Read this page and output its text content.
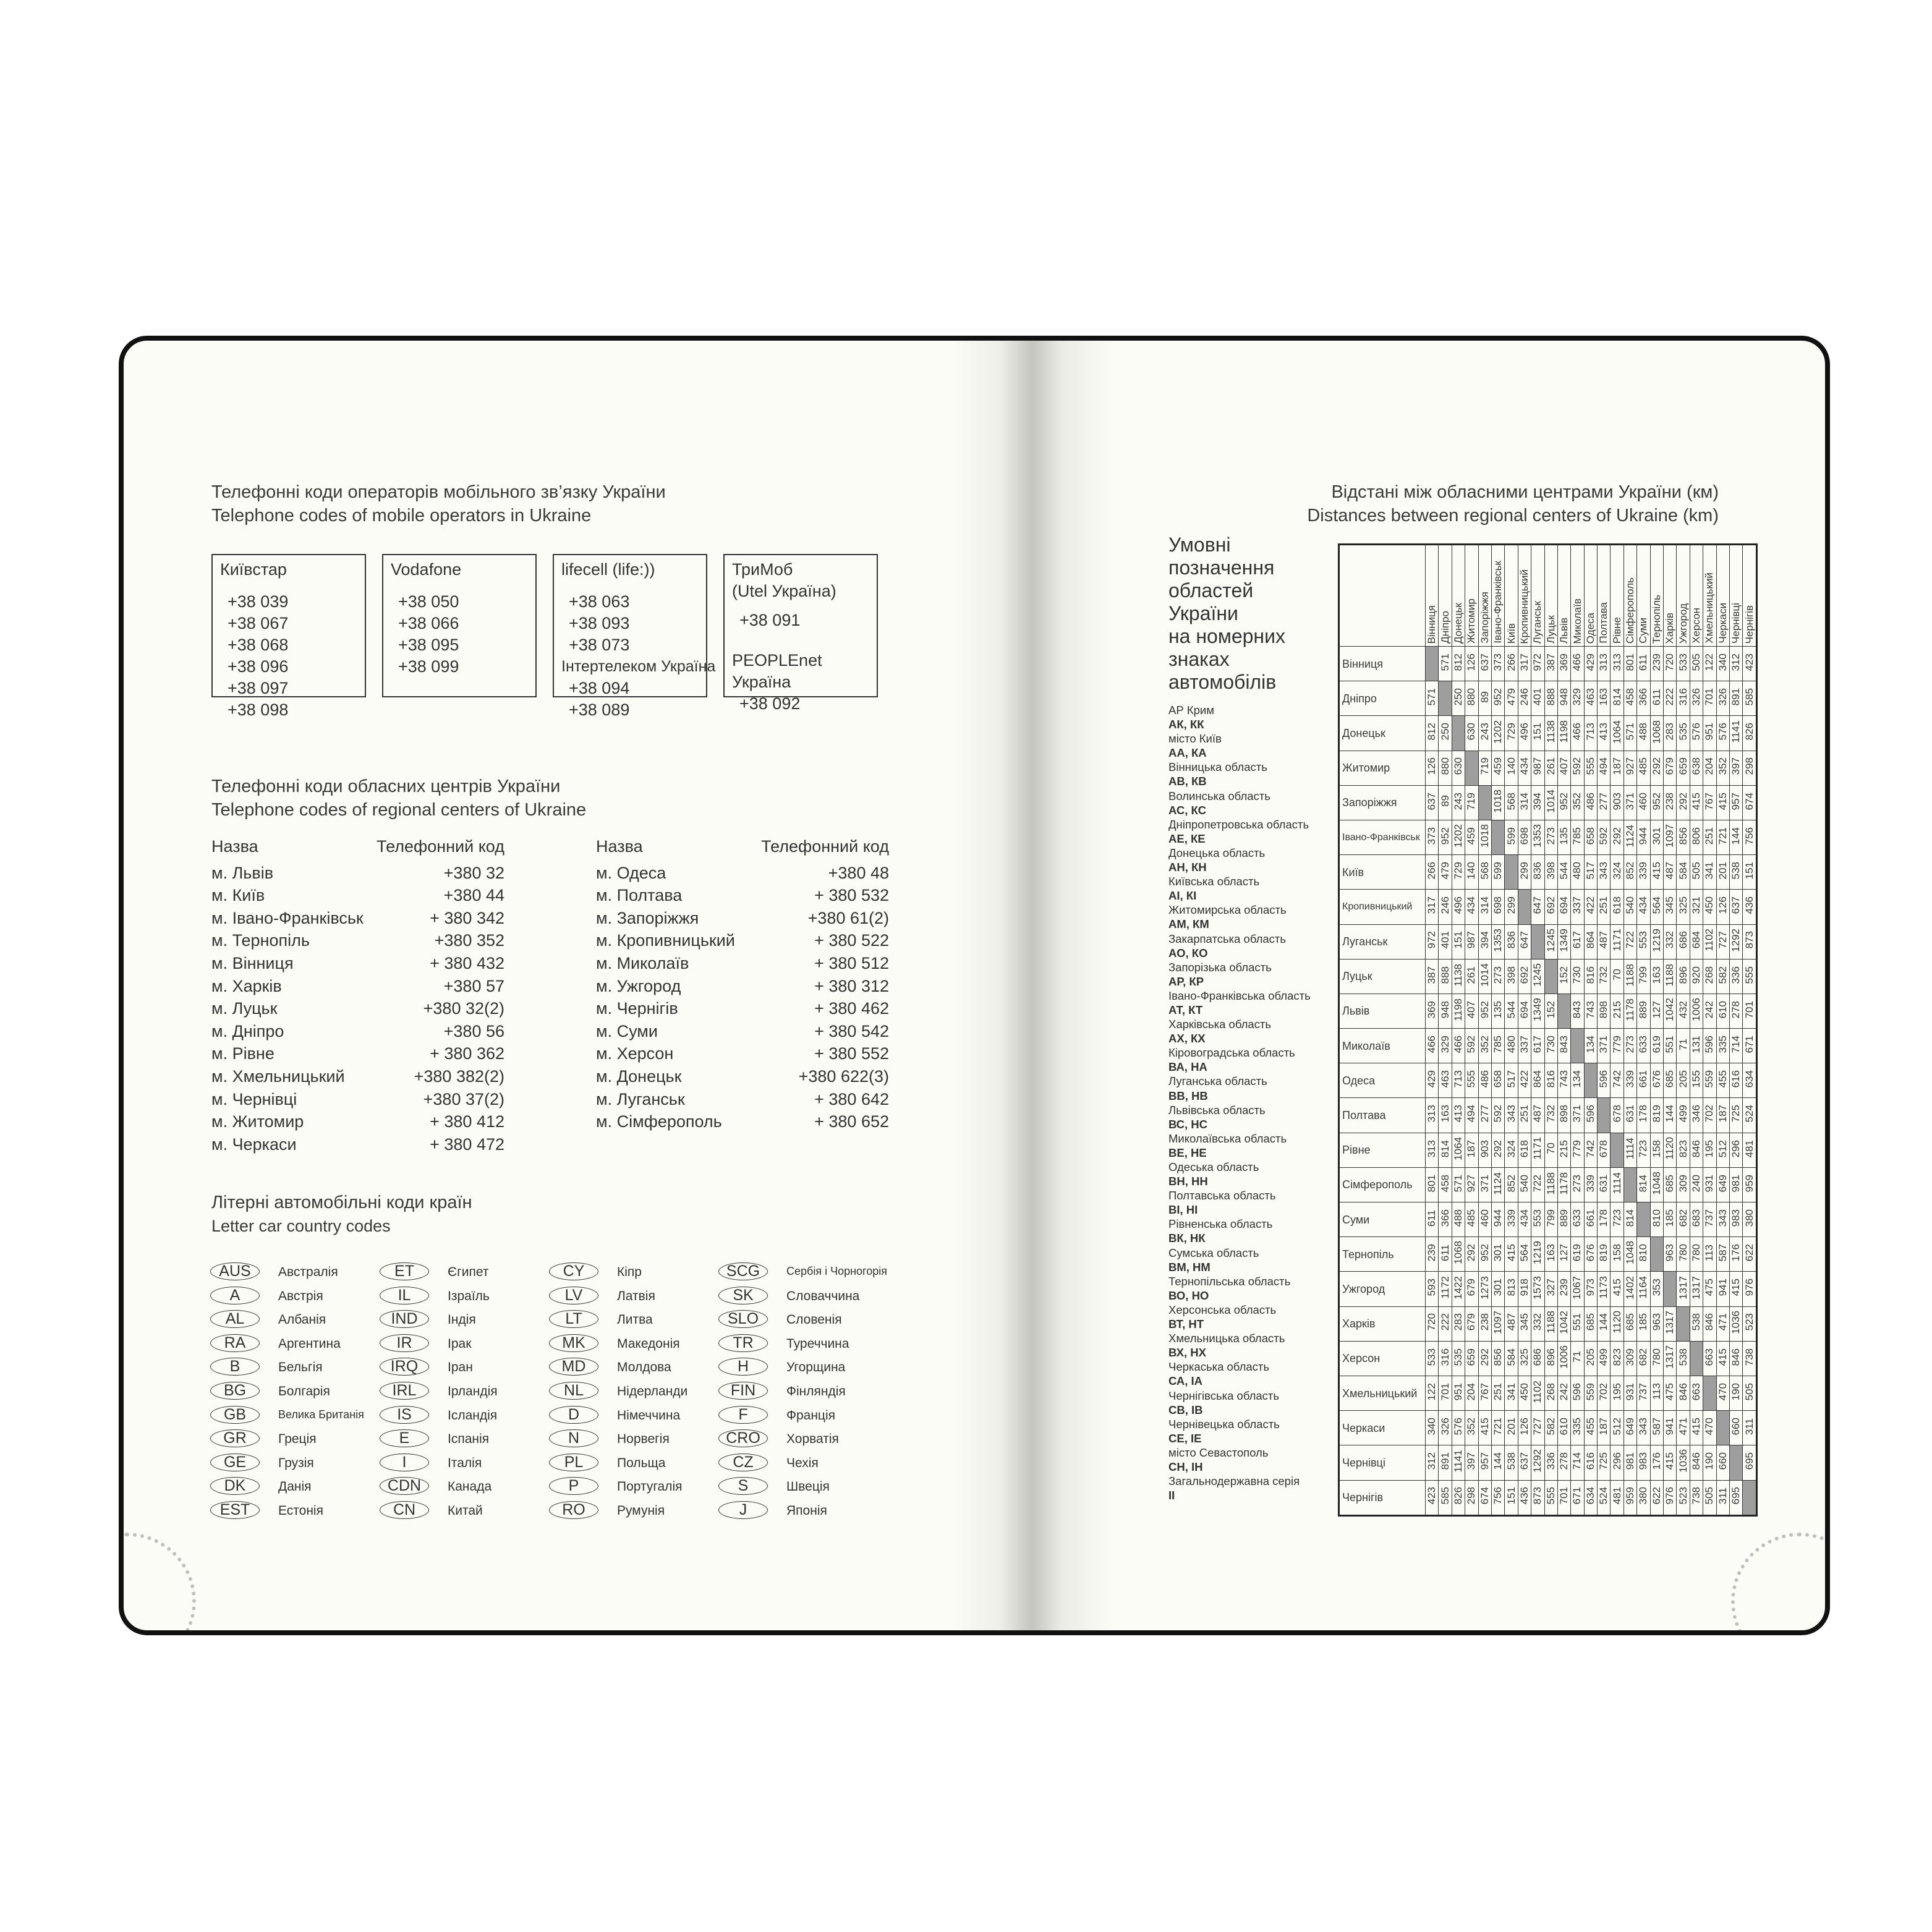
Телефонні коди операторів мобільного зв’язку України
Telephone codes of mobile operators in Ukraine
Київстар
+38 039
+38 067
+38 068
+38 096
+38 097
+38 098
Vodafone
+38 050
+38 066
+38 095
+38 099
lifecell (life:))
+38 063
+38 093
+38 073
Інтертелеком Україна
+38 094
+38 089
ТриМоб
(Utel Україна)
+38 091
PEOPLEnet
Україна
+38 092
Телефонні коди обласних центрів України
Telephone codes of regional centers of Ukraine
Назва	Телефонний код
м. Львів	+380 32
м. Київ	+380 44
м. Івано-Франківськ	+ 380 342
м. Тернопіль	+380 352
м. Вінниця	+ 380 432
м. Харків	+380 57
м. Луцьк	+380 32(2)
м. Дніпро	+380 56
м. Рівне	+ 380 362
м. Хмельницький	+380 382(2)
м. Чернівці	+380 37(2)
м. Житомир	+ 380 412
м. Черкаси	+ 380 472
Назва	Телефонний код
м. Одеса	+380 48
м. Полтава	+ 380 532
м. Запоріжжя	+380 61(2)
м. Кропивницький	+ 380 522
м. Миколаїв	+ 380 512
м. Ужгород	+ 380 312
м. Чернігів	+ 380 462
м. Суми	+ 380 542
м. Херсон	+ 380 552
м. Донецьк	+380 622(3)
м. Луганськ	+ 380 642
м. Сімферополь	+ 380 652
Літерні автомобільні коди країн
Letter car country codes
AUS	Австралія
A	Австрія
AL	Албанія
RA	Аргентина
B	Бельгія
BG	Болгарія
GB	Велика Британія
GR	Греція
GE	Грузія
DK	Данія
EST	Естонія
ET	Єгипет
IL	Ізраїль
IND	Індія
IR	Ірак
IRQ	Іран
IRL	Ірландія
IS	Ісландія
E	Іспанія
I	Італія
CDN	Канада
CN	Китай
CY	Кіпр
LV	Латвія
LT	Литва
MK	Македонія
MD	Молдова
NL	Нідерланди
D	Німеччина
N	Норвегія
PL	Польща
P	Португалія
RO	Румунія
SCG	Сербія і Чорногорія
SK	Словаччина
SLO	Словенія
TR	Туреччина
H	Угорщина
FIN	Фінляндія
F	Франція
CRO	Хорватія
CZ	Чехія
S	Швеція
J	Японія
Відстані між обласними центрами України (км)
Distances between regional centers of Ukraine (km)
Умовні
позначення
областей
України
на номерних
знаках
автомобілів
АР Крим
АК, КК
місто Київ
АА, КА
Вінницька область
АВ, КВ
Волинська область
АС, КС
Дніпропетровська область
АЕ, КЕ
Донецька область
АН, КН
Київська область
АІ, КІ
Житомирська область
АМ, КМ
Закарпатська область
АО, КО
Запорізька область
АР, КР
Івано-Франківська область
АТ, КТ
Харківська область
АХ, КХ
Кіровоградська область
ВА, НА
Луганська область
ВВ, НВ
Львівська область
ВС, НС
Миколаївська область
ВЕ, НЕ
Одеська область
ВН, НН
Полтавська область
ВІ, НІ
Рівненська область
ВК, НК
Сумська область
ВМ, НМ
Тернопільська область
ВО, НО
Херсонська область
ВТ, НТ
Хмельницька область
ВХ, НХ
Черкаська область
СА, ІА
Чернігівська область
СВ, ІВ
Чернівецька область
СЕ, ІЕ
місто Севастополь
СН, ІН
Загальнодержавна серія
ІІ

	Вінниця	Дніпро	Донецьк	Житомир	Запоріжжя	Івано-Франківськ	Київ	Кропивницький	Луганськ	Луцьк	Львів	Миколаїв	Одеса	Полтава	Рівне	Сімферополь	Суми	Тернопіль	Харків	Ужгород	Херсон	Хмельницький	Черкаси	Чернівці	Чернігів

Вінниця		571	812	126	637	373	266	317	972	387	369	466	429	313	313	801	611	239	720	533	505	122	340	312	423
Дніпро	571		250	880	89	952	479	246	401	888	948	329	463	163	814	458	366	611	222	316	326	701	326	891	585
Донецьк	812	250		630	243	1202	729	496	151	1138	1198	466	713	413	1064	571	488	1068	283	535	576	951	576	1141	826
Житомир	126	880	630		719	459	140	434	987	261	407	592	555	494	187	927	485	292	679	659	638	204	352	397	298
Запоріжжя	637	89	243	719		1018	568	314	394	1014	952	352	486	277	903	371	460	952	238	292	415	767	415	957	674
Івано-Франківськ	373	952	1202	459	1018		599	698	1353	273	135	785	658	592	292	1124	944	301	1097	856	806	251	721	144	756
Київ	266	479	729	140	568	599		299	836	398	544	480	517	343	324	852	339	415	487	584	505	341	201	538	151
Кропивницький	317	246	496	434	314	698	299		647	692	694	337	422	251	618	540	434	564	345	325	321	450	126	637	436
Луганськ	972	401	151	987	394	1353	836	647		1245	1349	617	864	487	1171	722	553	1219	332	686	684	1102	727	1292	873
Луцьк	387	888	1138	261	1014	273	398	692	1245		152	730	816	732	70	1188	799	163	1188	896	920	268	582	336	555
Львів	369	948	1198	407	952	135	544	694	1349	152		843	743	898	215	1178	889	127	1042	432	1006	242	610	278	701
Миколаїв	466	329	466	592	352	785	480	337	617	730	843		134	371	779	273	633	619	551	71	131	596	335	714	671
Одеса	429	463	713	555	486	658	517	422	864	816	743	134		596	742	339	661	676	685	205	155	559	455	616	634
Полтава	313	163	413	494	277	592	343	251	487	732	898	371	596		678	631	178	819	144	499	346	702	187	725	524
Рівне	313	814	1064	187	903	292	324	618	1171	70	215	779	742	678		1114	723	158	1120	823	846	195	512	296	481
Сімферополь	801	458	571	927	371	1124	852	540	722	1188	1178	273	339	631	1114		814	1048	685	309	240	931	649	981	959
Суми	611	366	488	485	460	944	339	434	553	799	889	633	661	178	723	814		810	185	682	683	737	343	983	380
Тернопіль	239	611	1068	292	952	301	415	564	1219	163	127	619	676	819	158	1048	810		963	780	780	113	587	176	622
Ужгород	593	1172	1422	679	1273	301	813	918	1573	327	239	1067	973	1173	415	1402	1164	353		1317	1317	475	941	415	976
Харків	720	222	283	679	238	1097	487	345	332	1188	1042	551	685	144	1120	685	185	963	1317		538	846	471	1036	523
Херсон	533	316	535	659	292	856	584	325	686	896	1006	71	205	499	823	309	682	780	1317	538		663	415	846	738
Хмельницький	122	701	951	204	767	251	341	450	1102	268	242	596	559	702	195	931	737	113	475	846	663		470	190	505
Черкаси	340	326	576	352	415	721	201	126	727	582	610	335	455	187	512	649	343	587	941	471	415	470		660	311
Чернівці	312	891	1141	397	957	144	538	637	1292	336	278	714	616	725	296	981	983	176	415	1036	846	190	660		695
Чернігів	423	585	826	298	674	756	151	436	873	555	701	671	634	524	481	959	380	622	976	523	738	505	311	695	
